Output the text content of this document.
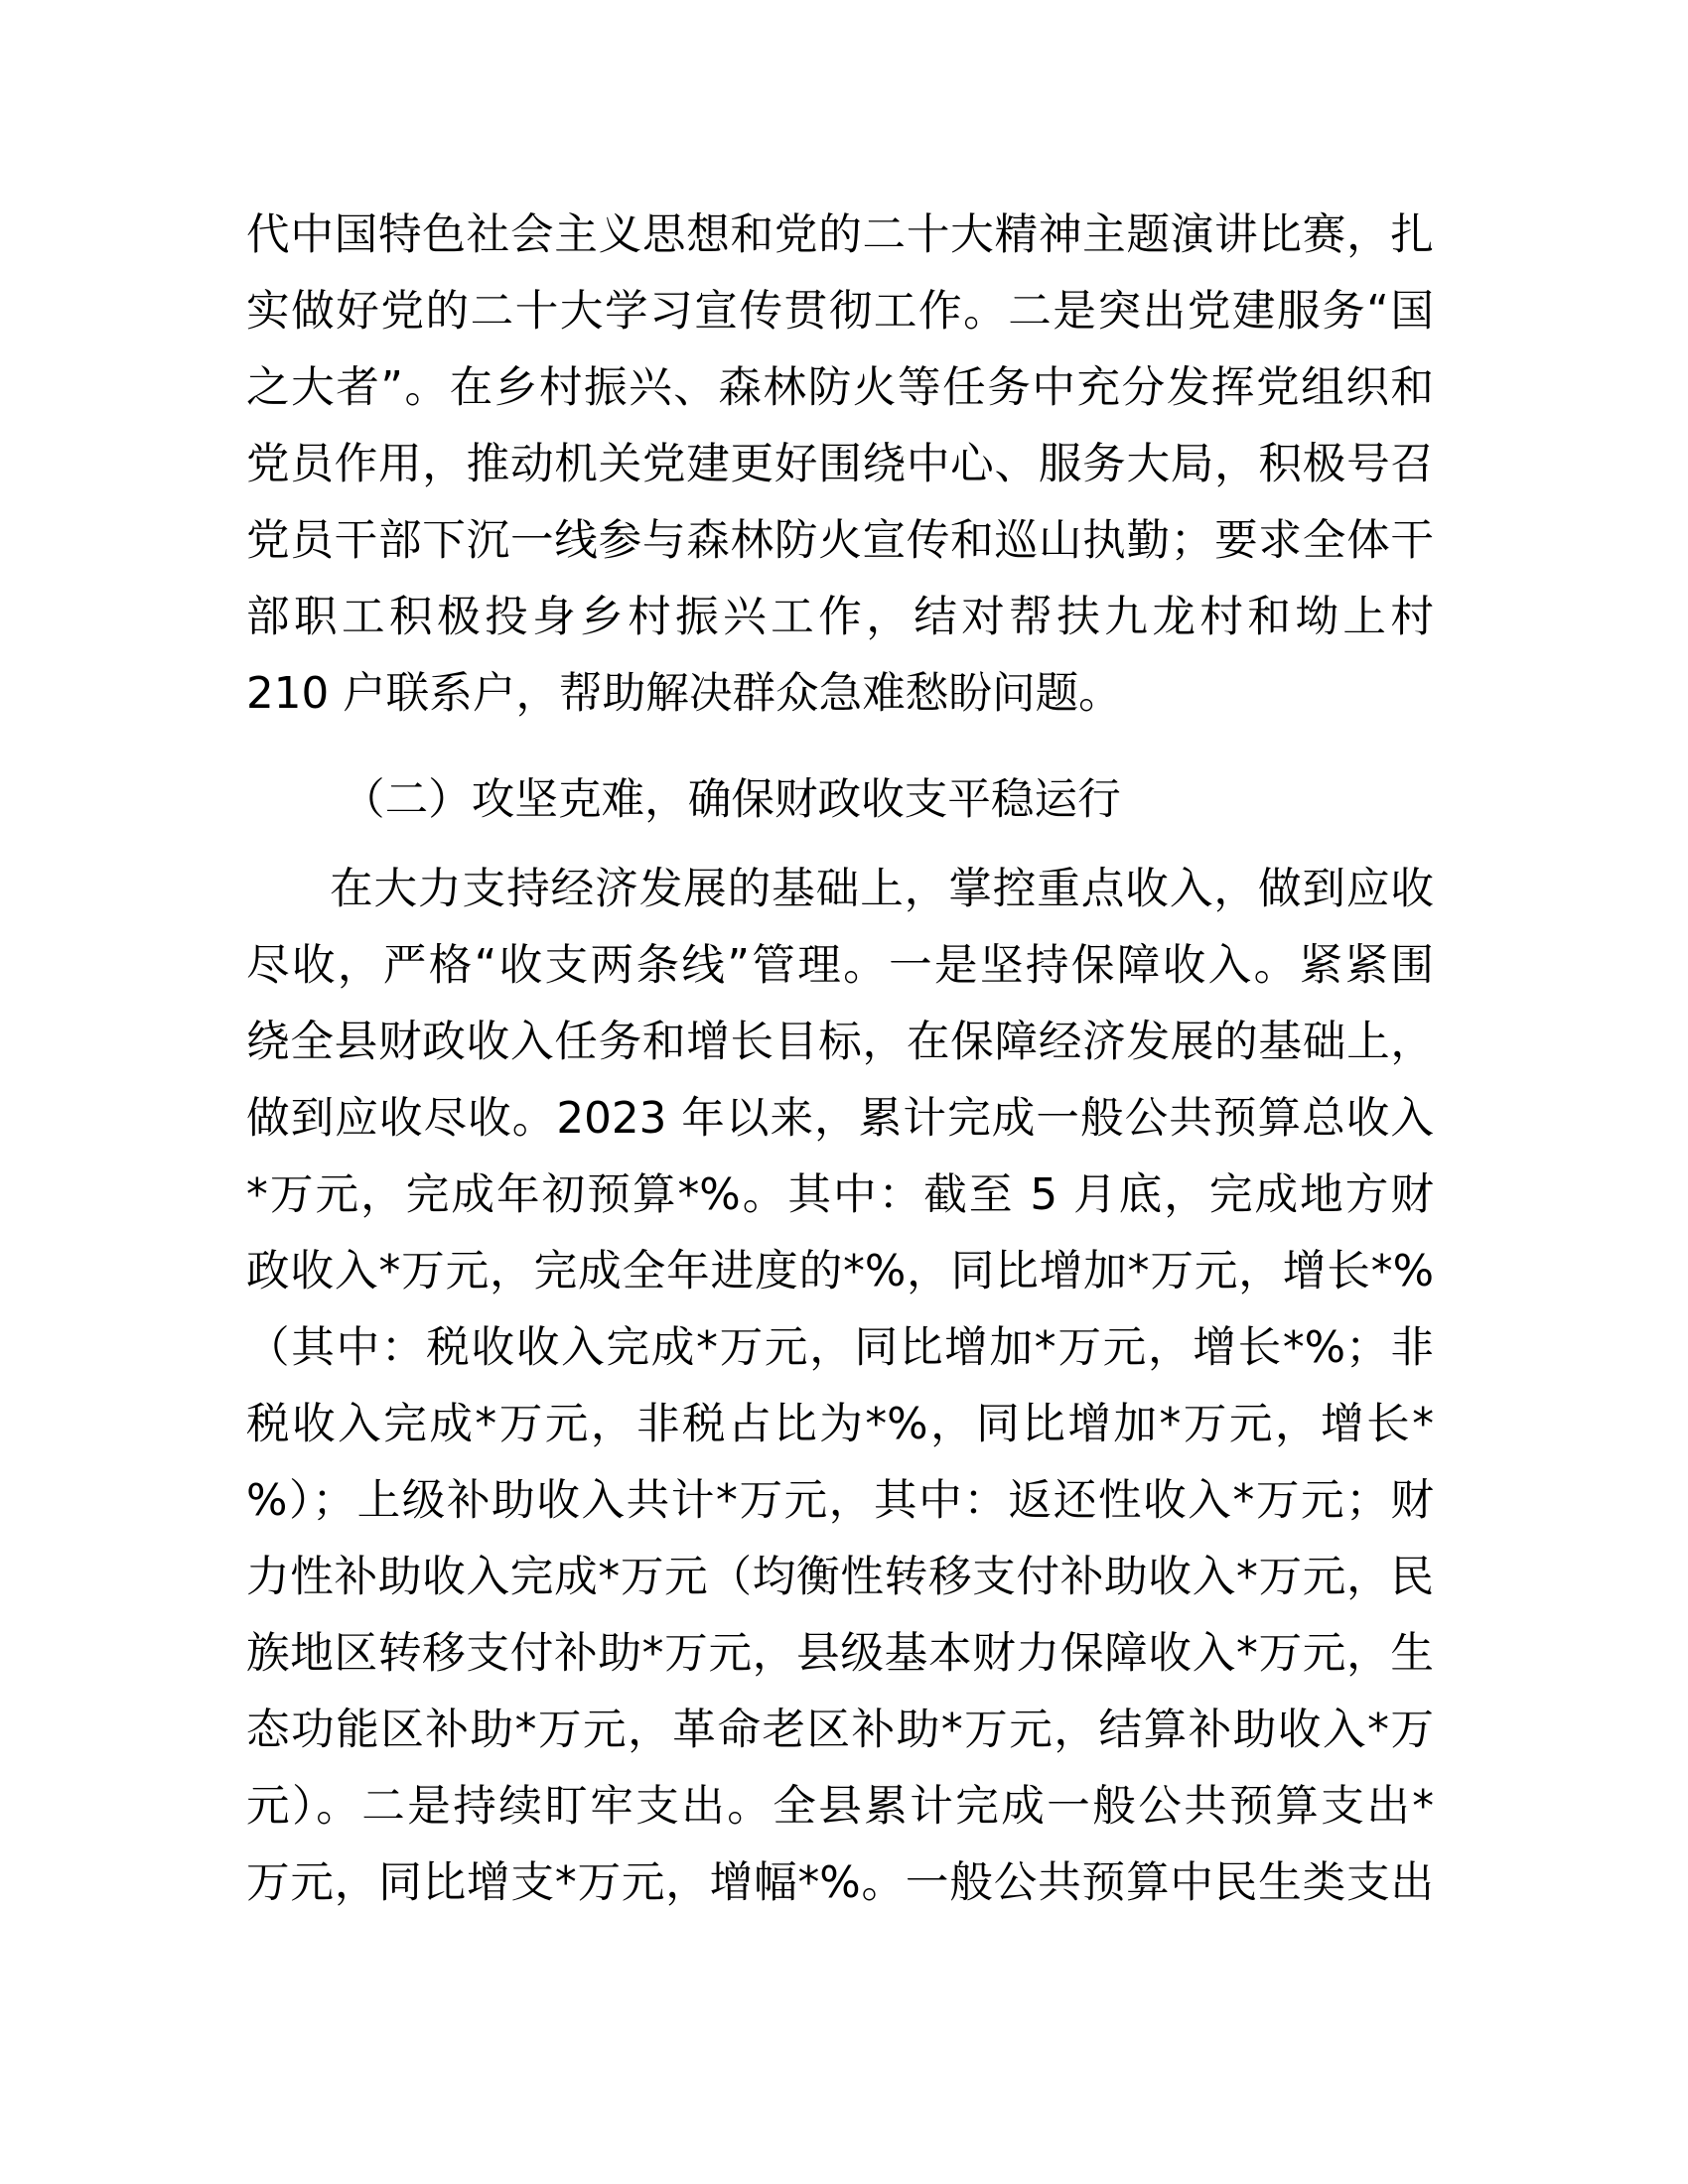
代中国特色社会主义思想和党的二十大精神主题演讲比赛，扎
实做好党的二十大学习宣传贯彻工作。二是突出党建服务“国
之大者”。在乡村振兴、森林防火等任务中充分发挥党组织和
党员作用，推动机关党建更好围绕中心、服务大局，积极号召
党员干部下沉一线参与森林防火宣传和巡山执勤；要求全体干
部职工积极投身乡村振兴工作，结对帮扶九龙村和坳上村
210 户联系户，帮助解决群众急难愁盼问题。
（二）攻坚克难，确保财政收支平稳运行
在大力支持经济发展的基础上，掌控重点收入，做到应收
尽收，严格“收支两条线”管理。一是坚持保障收入。紧紧围
绕全县财政收入任务和增长目标，在保障经济发展的基础上，
做到应收尽收。2023 年以来，累计完成一般公共预算总收入
*万元，完成年初预算*%。其中：截至 5 月底，完成地方财
政收入*万元，完成全年进度的*%，同比增加*万元，增长*%
（其中：税收收入完成*万元，同比增加*万元，增长*%；非
税收入完成*万元，非税占比为*%，同比增加*万元，增长*
%）；上级补助收入共计*万元，其中：返还性收入*万元；财
力性补助收入完成*万元（均衡性转移支付补助收入*万元，民
族地区转移支付补助*万元，县级基本财力保障收入*万元，生
态功能区补助*万元，革命老区补助*万元，结算补助收入*万
元）。二是持续盯牢支出。全县累计完成一般公共预算支出*
万元，同比增支*万元，增幅*%。一般公共预算中民生类支出
